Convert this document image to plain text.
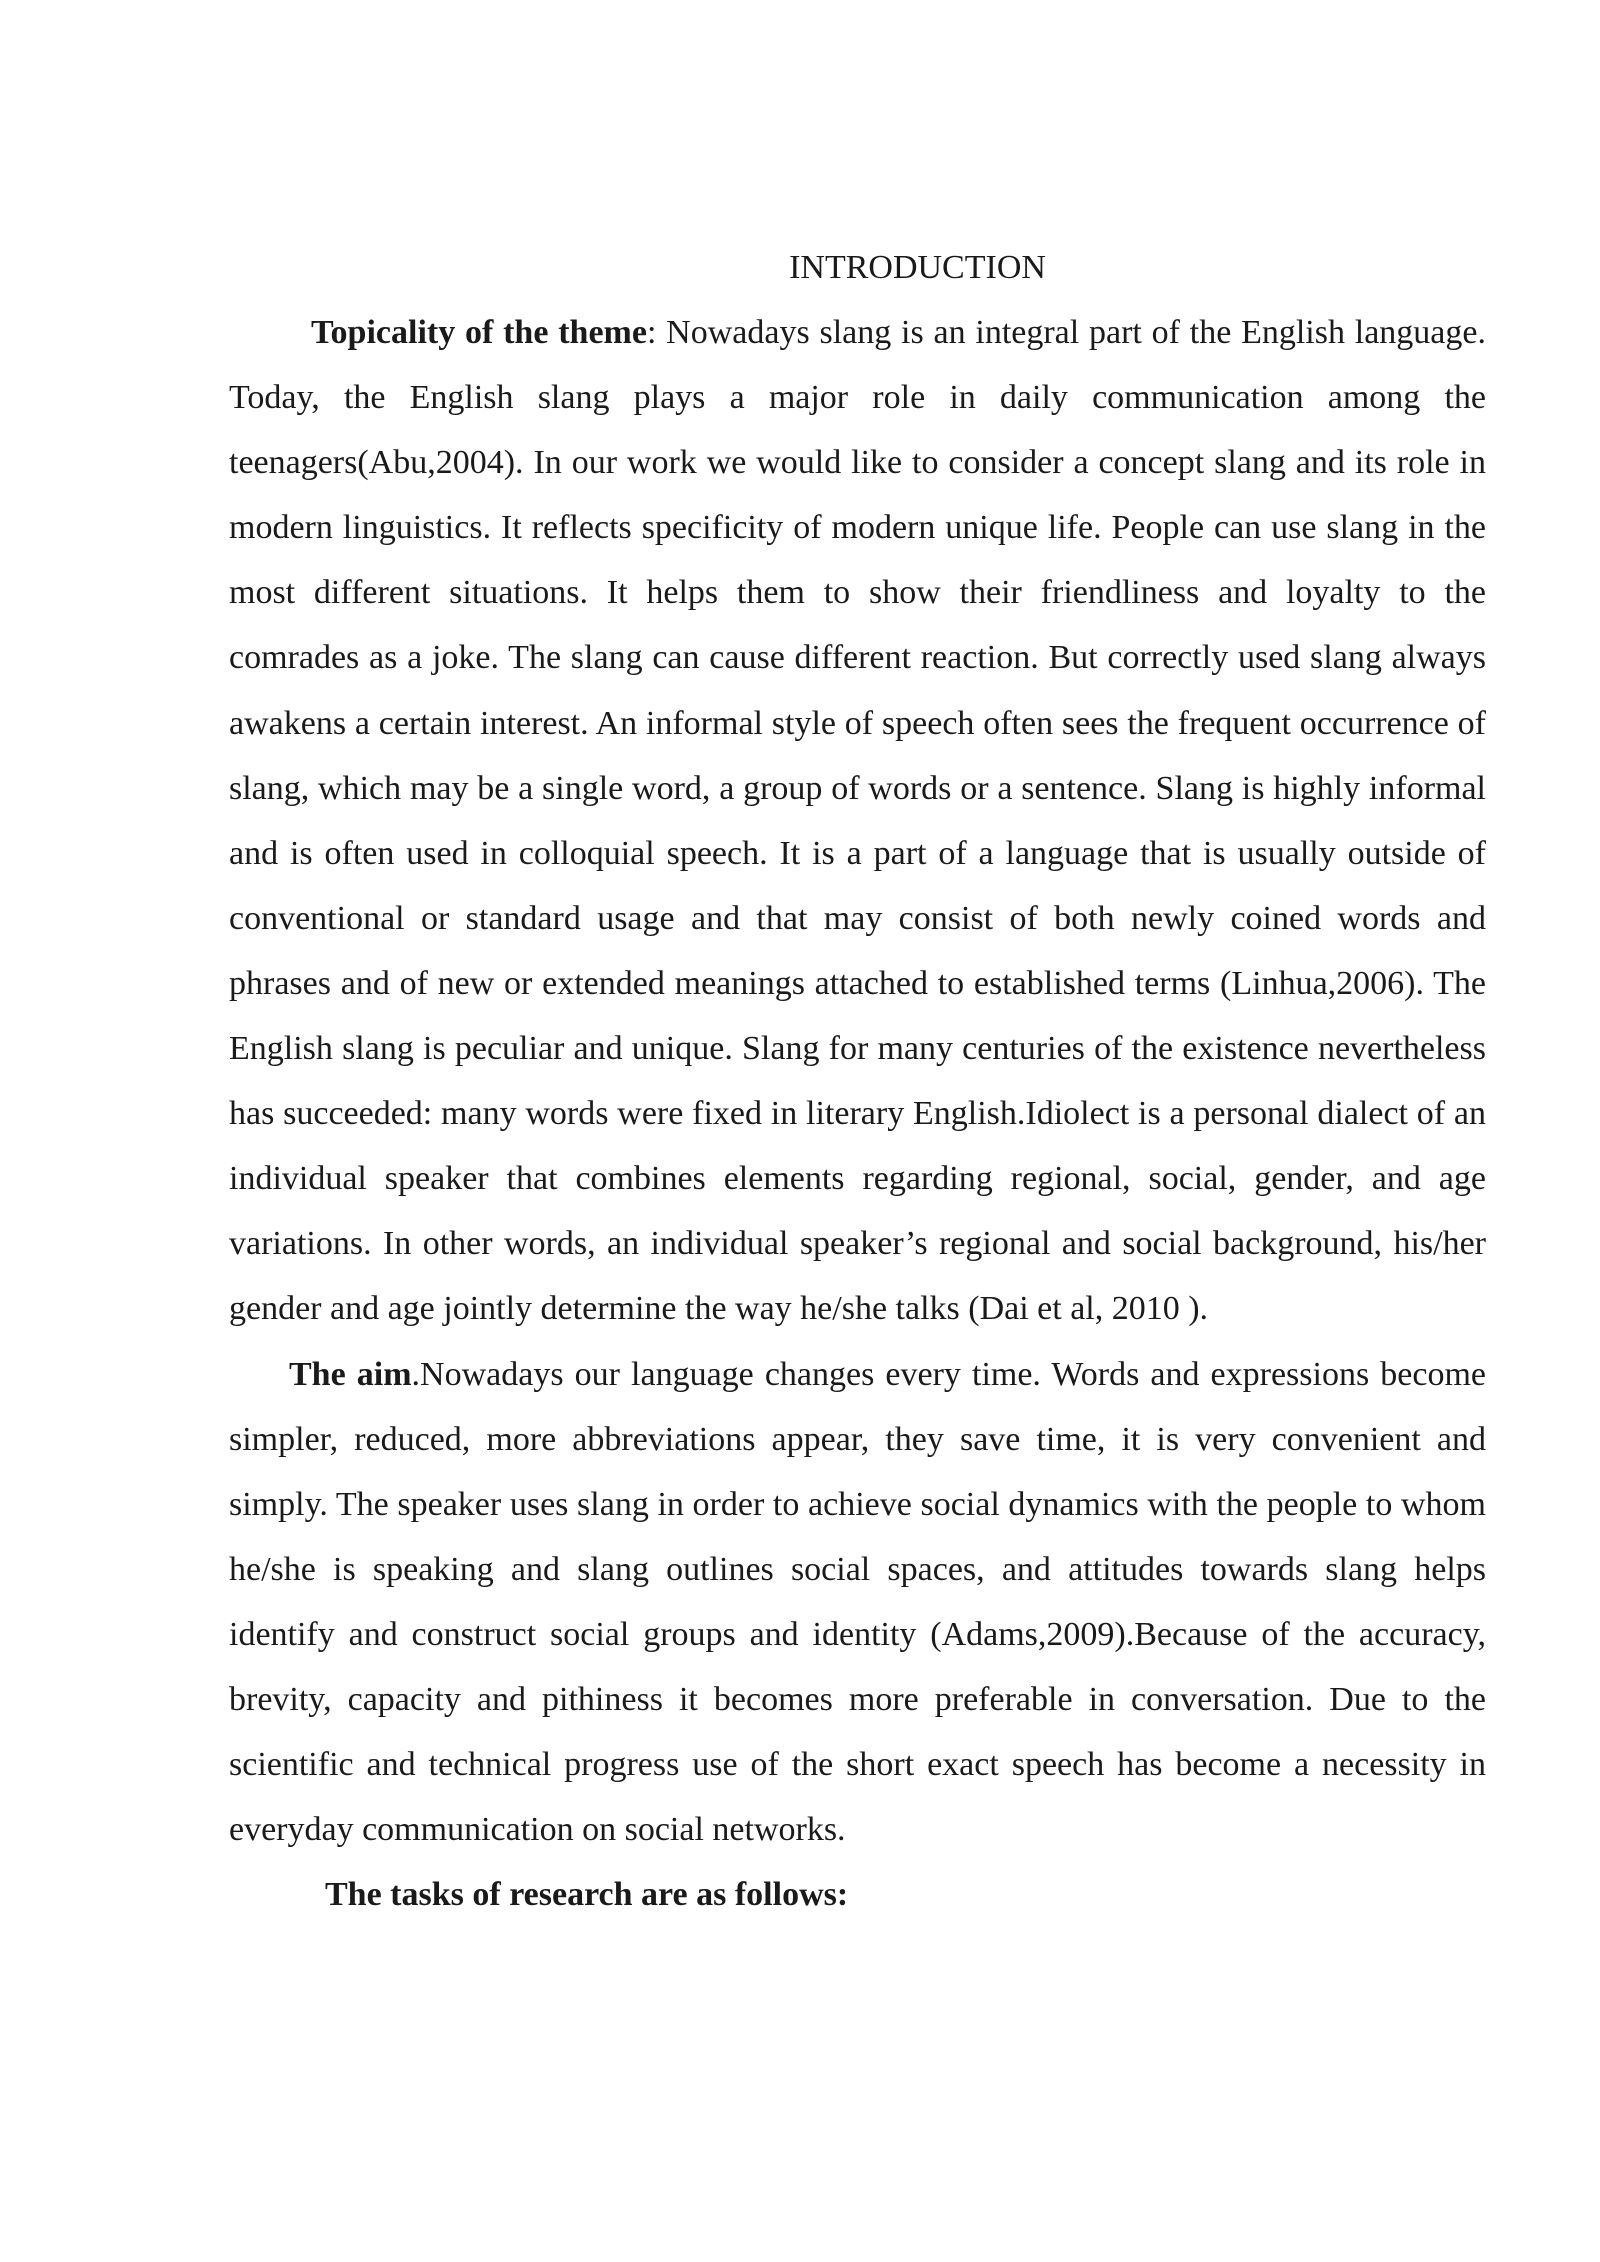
INTRODUCTION

Topicality of the theme: Nowadays slang is an integral part of the English language. Today, the English slang plays a major role in daily communication among the teenagers(Abu,2004). In our work we would like to consider a concept slang and its role in modern linguistics. It reflects specificity of modern unique life. People can use slang in the most different situations. It helps them to show their friendliness and loyalty to the comrades as a joke. The slang can cause different reaction. But correctly used slang always awakens a certain interest. An informal style of speech often sees the frequent occurrence of slang, which may be a single word, a group of words or a sentence. Slang is highly informal and is often used in colloquial speech. It is a part of a language that is usually outside of conventional or standard usage and that may consist of both newly coined words and phrases and of new or extended meanings attached to established terms (Linhua,2006). The English slang is peculiar and unique. Slang for many centuries of the existence nevertheless has succeeded: many words were fixed in literary English.Idiolect is a personal dialect of an individual speaker that combines elements regarding regional, social, gender, and age variations. In other words, an individual speaker’s regional and social background, his/her gender and age jointly determine the way he/she talks (Dai et al, 2010 ).

The aim.Nowadays our language changes every time. Words and expressions become simpler, reduced, more abbreviations appear, they save time, it is very convenient and simply. The speaker uses slang in order to achieve social dynamics with the people to whom he/she is speaking and slang outlines social spaces, and attitudes towards slang helps identify and construct social groups and identity (Adams,2009).Because of the accuracy, brevity, capacity and pithiness it becomes more preferable in conversation. Due to the scientific and technical progress use of the short exact speech has become a necessity in everyday communication on social networks.

The tasks of research are as follows:
